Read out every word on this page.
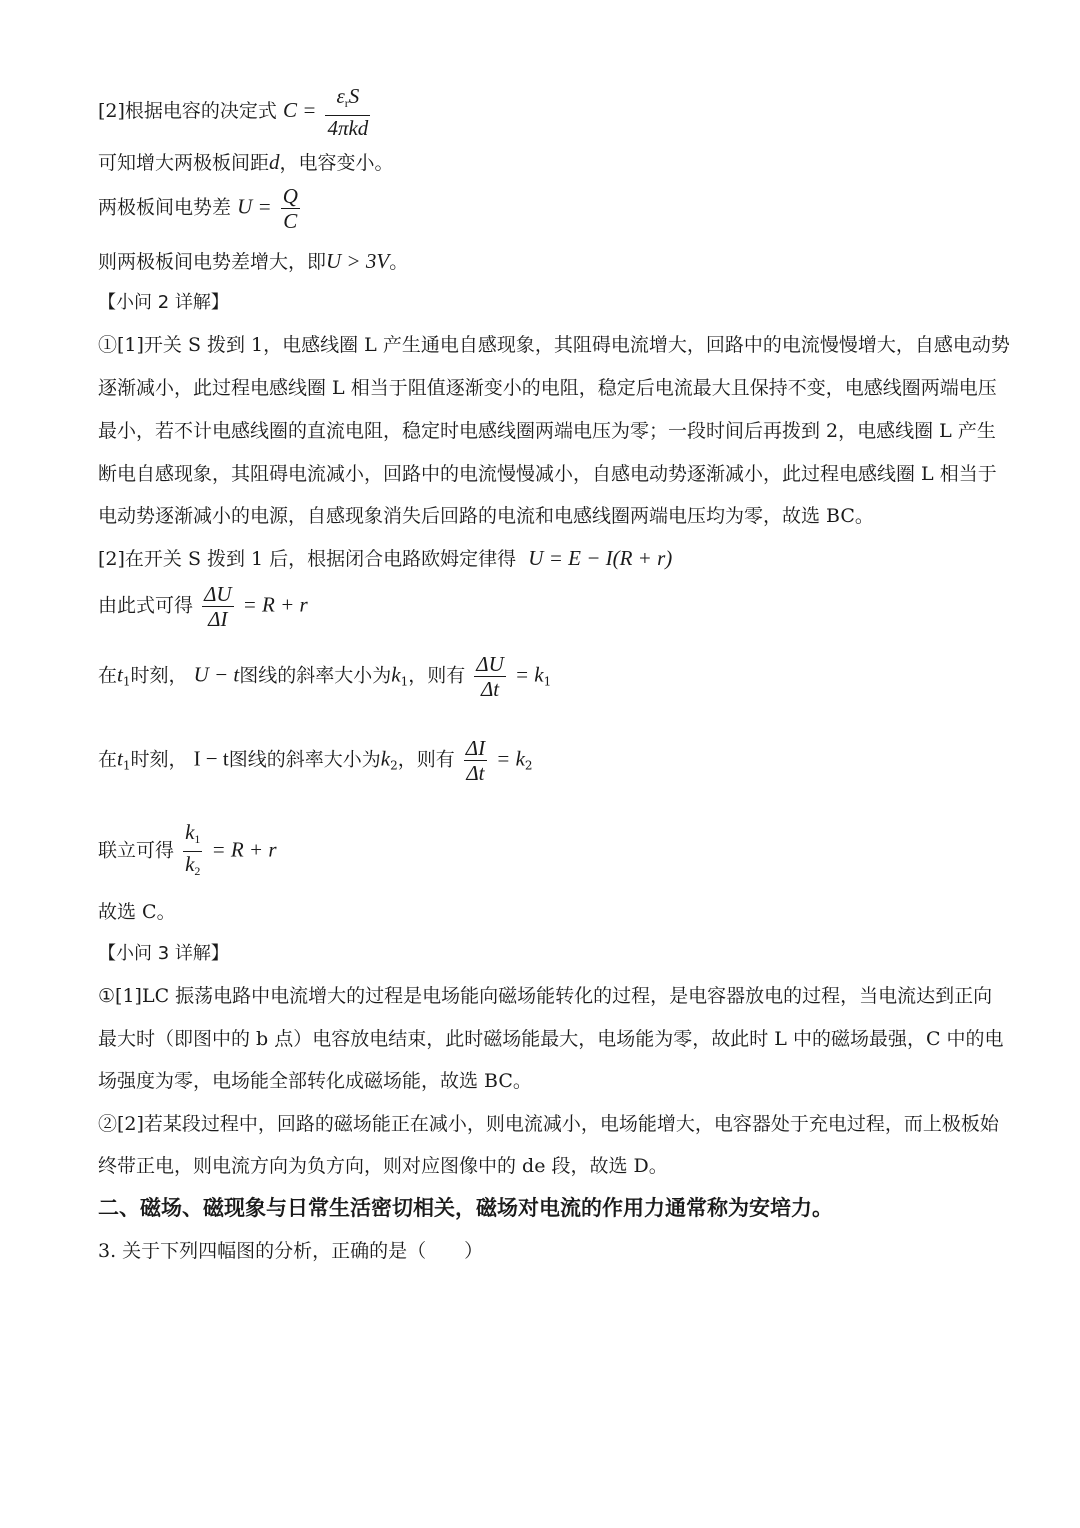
[2]根据电容的决定式 $C = \frac{\varepsilon_rS}{\text{4πkd}}$
可知增大两极板间距d，电容变小。
两极板间电势差 $U = \frac{Q}{C}$
则两极板间电势差增大，即U > 3V。
【小问 2 详解】
①[1]开关 S 拨到 1，电感线圈 L 产生通电自感现象，其阻碍电流增大，回路中的电流慢慢增大，自感电动势
逐渐减小，此过程电感线圈 L 相当于阻值逐渐变小的电阻，稳定后电流最大且保持不变，电感线圈两端电压
最小，若不计电感线圈的直流电阻，稳定时电感线圈两端电压为零；一段时间后再拨到 2，电感线圈 L 产生
断电自感现象，其阻碍电流减小，回路中的电流慢慢减小，自感电动势逐渐减小，此过程电感线圈 L 相当于
电动势逐渐减小的电源，自感现象消失后回路的电流和电感线圈两端电压均为零，故选 BC。
[2]在开关 S 拨到 1 后，根据闭合电路欧姆定律得 U = E − I(R + r)
由此式可得 $\frac{\Delta U}{\Delta I} = R + r$
在$t_1$时刻， U − t图线的斜率大小为$k_1$，则有 $\frac{\Delta U}{\Delta t} = k_1$
在$t_1$时刻， I − t图线的斜率大小为$k_2$，则有 $\frac{\Delta I}{\Delta t} = k_2$
联立可得 $\frac{k_1}{k_2} = R + r$
故选 C。
【小问 3 详解】
①[1]LC 振荡电路中电流增大的过程是电场能向磁场能转化的过程，是电容器放电的过程，当电流达到正向
最大时（即图中的 b 点）电容放电结束，此时磁场能最大，电场能为零，故此时 L 中的磁场最强，C 中的电
场强度为零，电场能全部转化成磁场能，故选 BC。
②[2]若某段过程中，回路的磁场能正在减小，则电流减小，电场能增大，电容器处于充电过程，而上极板始
终带正电，则电流方向为负方向，则对应图像中的 de 段，故选 D。
二、磁场、磁现象与日常生活密切相关，磁场对电流的作用力通常称为安培力。
3. 关于下列四幅图的分析，正确的是（　　）
